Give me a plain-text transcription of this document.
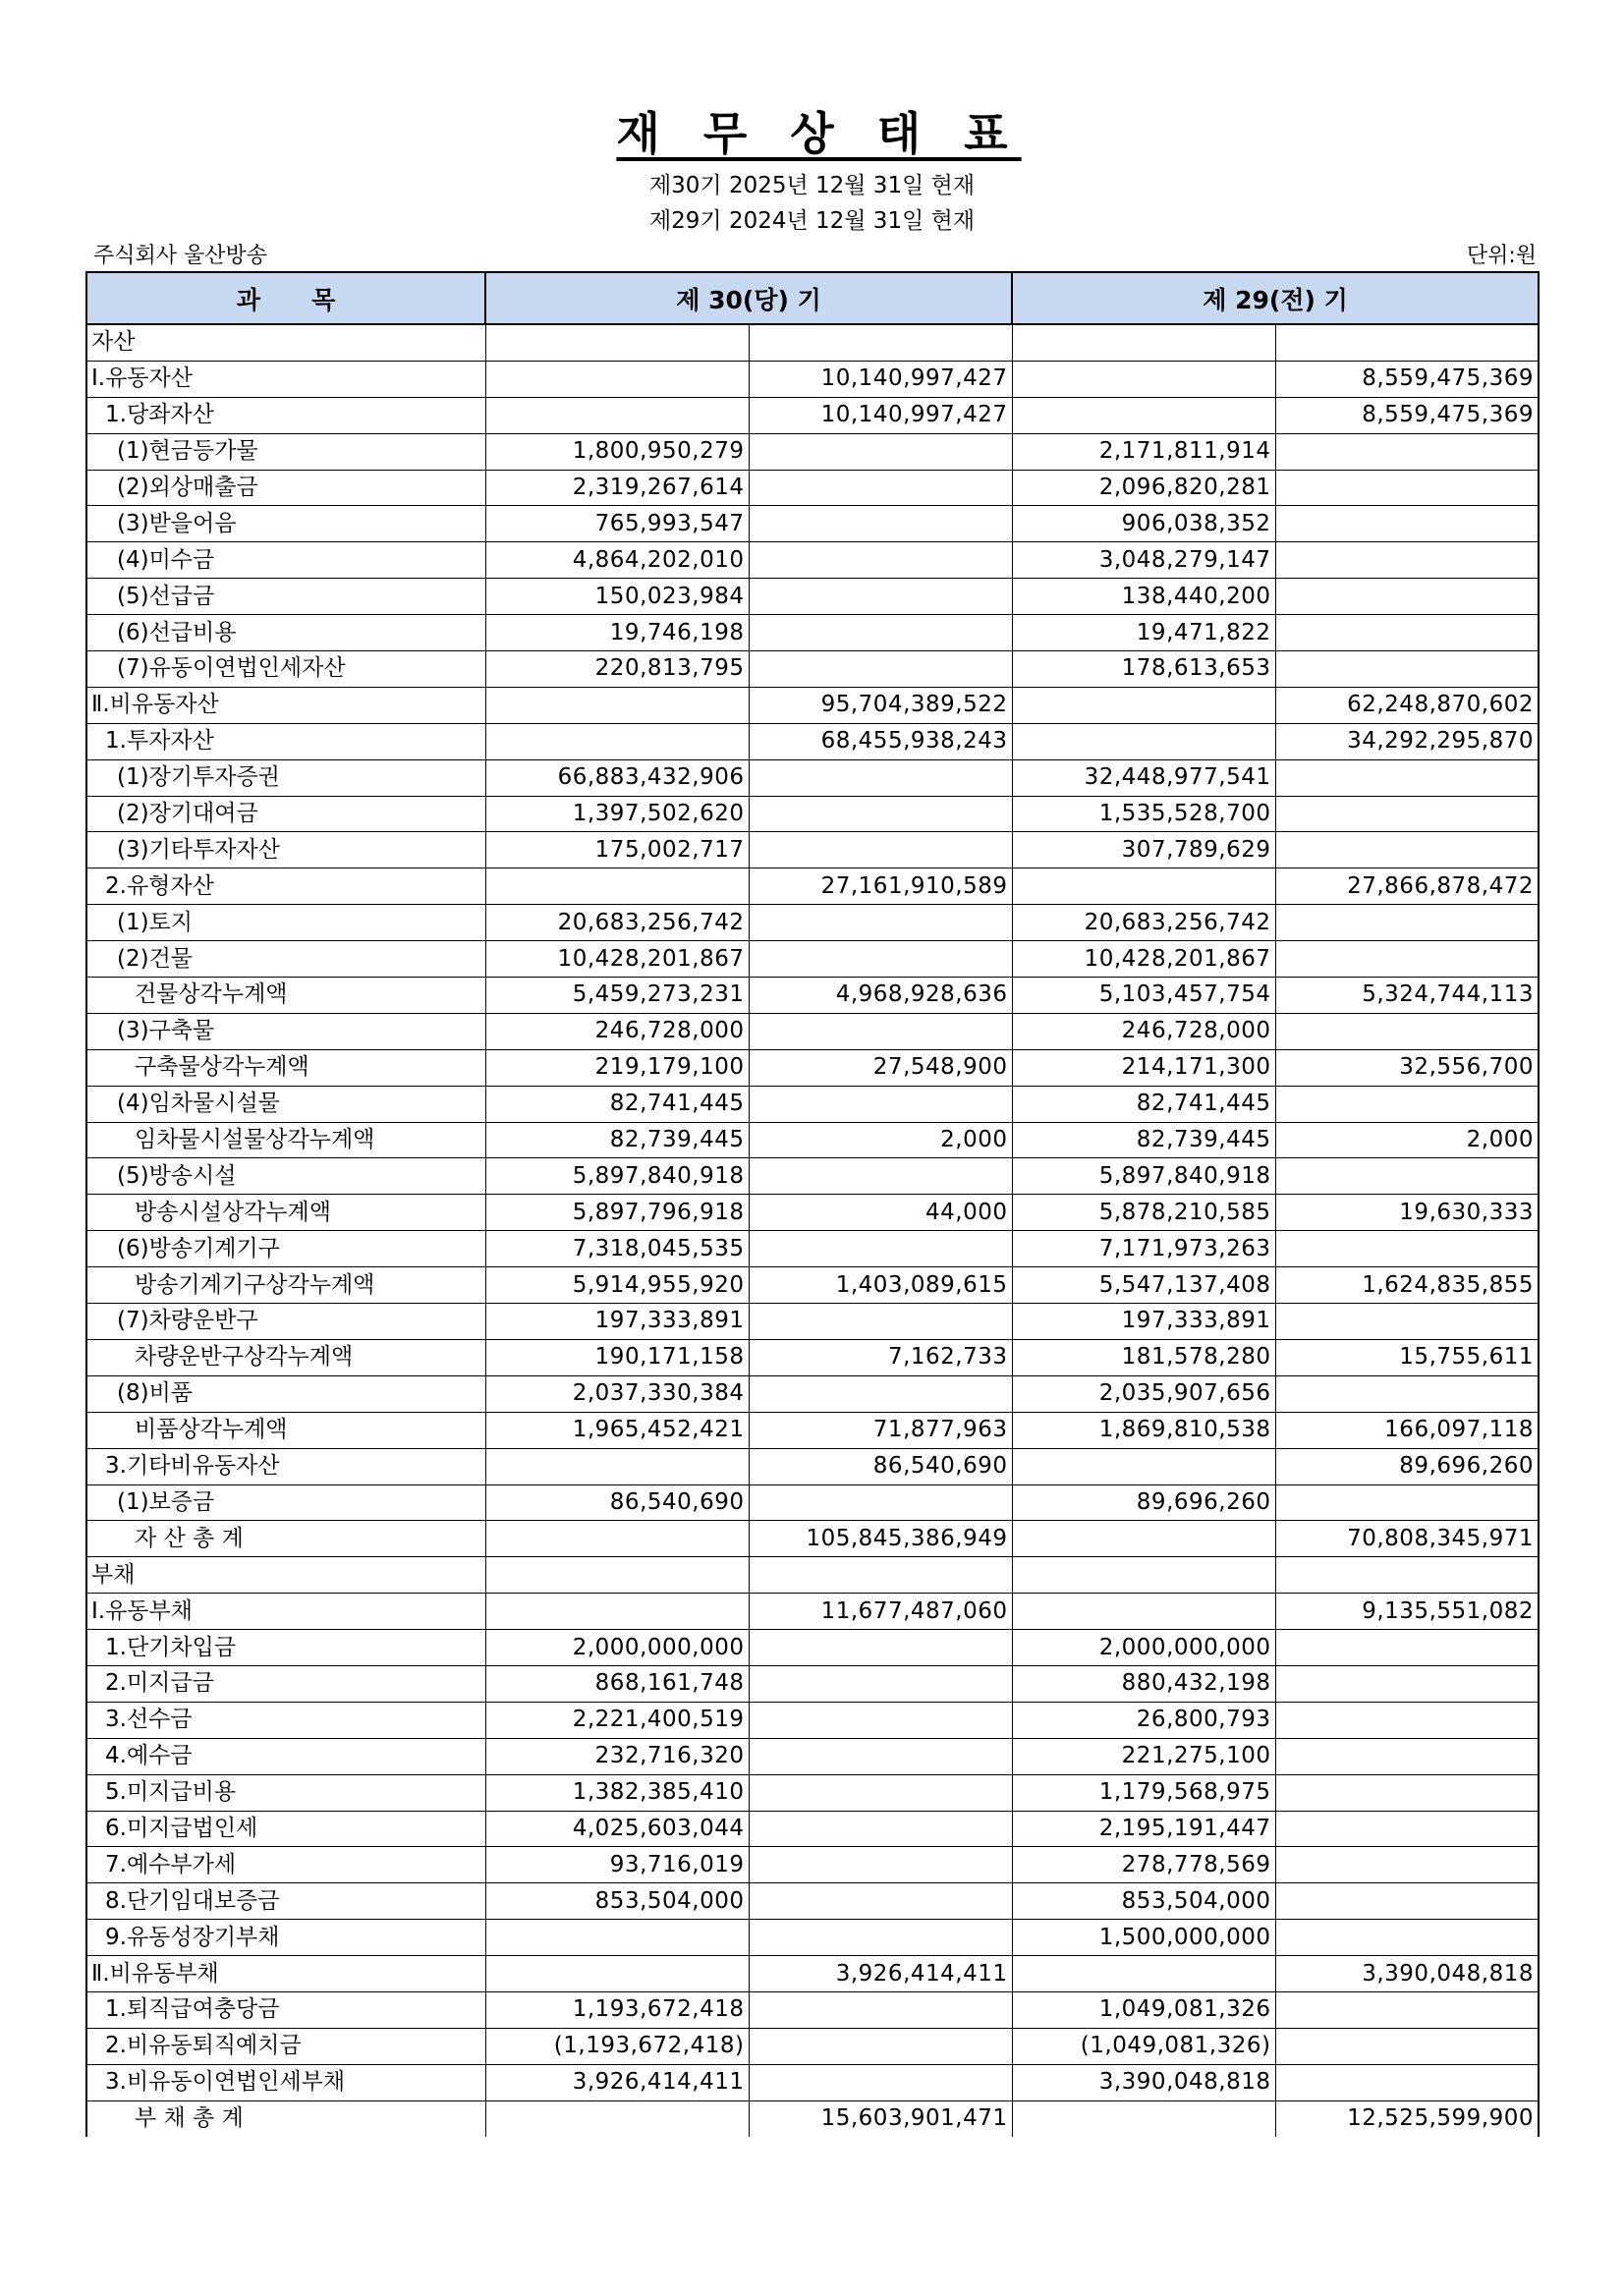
재 무 상 태 표
제30기 2025년 12월 31일 현재
제29기 2024년 12월 31일 현재
주식회사 울산방송	단위:원
과      목	제 30(당) 기		제 29(전) 기	
자산				
Ⅰ.유동자산		10,140,997,427		8,559,475,369
1.당좌자산		10,140,997,427		8,559,475,369
(1)현금등가물	1,800,950,279		2,171,811,914	
(2)외상매출금	2,319,267,614		2,096,820,281	
(3)받을어음	765,993,547		906,038,352	
(4)미수금	4,864,202,010		3,048,279,147	
(5)선급금	150,023,984		138,440,200	
(6)선급비용	19,746,198		19,471,822	
(7)유동이연법인세자산	220,813,795		178,613,653	
Ⅱ.비유동자산		95,704,389,522		62,248,870,602
1.투자자산		68,455,938,243		34,292,295,870
(1)장기투자증권	66,883,432,906		32,448,977,541	
(2)장기대여금	1,397,502,620		1,535,528,700	
(3)기타투자자산	175,002,717		307,789,629	
2.유형자산		27,161,910,589		27,866,878,472
(1)토지	20,683,256,742		20,683,256,742	
(2)건물	10,428,201,867		10,428,201,867	
건물상각누계액	5,459,273,231	4,968,928,636	5,103,457,754	5,324,744,113
(3)구축물	246,728,000		246,728,000	
구축물상각누계액	219,179,100	27,548,900	214,171,300	32,556,700
(4)임차물시설물	82,741,445		82,741,445	
임차물시설물상각누계액	82,739,445	2,000	82,739,445	2,000
(5)방송시설	5,897,840,918		5,897,840,918	
방송시설상각누계액	5,897,796,918	44,000	5,878,210,585	19,630,333
(6)방송기계기구	7,318,045,535		7,171,973,263	
방송기계기구상각누계액	5,914,955,920	1,403,089,615	5,547,137,408	1,624,835,855
(7)차량운반구	197,333,891		197,333,891	
차량운반구상각누계액	190,171,158	7,162,733	181,578,280	15,755,611
(8)비품	2,037,330,384		2,035,907,656	
비품상각누계액	1,965,452,421	71,877,963	1,869,810,538	166,097,118
3.기타비유동자산		86,540,690		89,696,260
(1)보증금	86,540,690		89,696,260	
자 산 총 계		105,845,386,949		70,808,345,971
부채				
Ⅰ.유동부채		11,677,487,060		9,135,551,082
1.단기차입금	2,000,000,000		2,000,000,000	
2.미지급금	868,161,748		880,432,198	
3.선수금	2,221,400,519		26,800,793	
4.예수금	232,716,320		221,275,100	
5.미지급비용	1,382,385,410		1,179,568,975	
6.미지급법인세	4,025,603,044		2,195,191,447	
7.예수부가세	93,716,019		278,778,569	
8.단기임대보증금	853,504,000		853,504,000	
9.유동성장기부채			1,500,000,000	
Ⅱ.비유동부채		3,926,414,411		3,390,048,818
1.퇴직급여충당금	1,193,672,418		1,049,081,326	
2.비유동퇴직예치금	(1,193,672,418)		(1,049,081,326)	
3.비유동이연법인세부채	3,926,414,411		3,390,048,818	
부 채 총 계		15,603,901,471		12,525,599,900
